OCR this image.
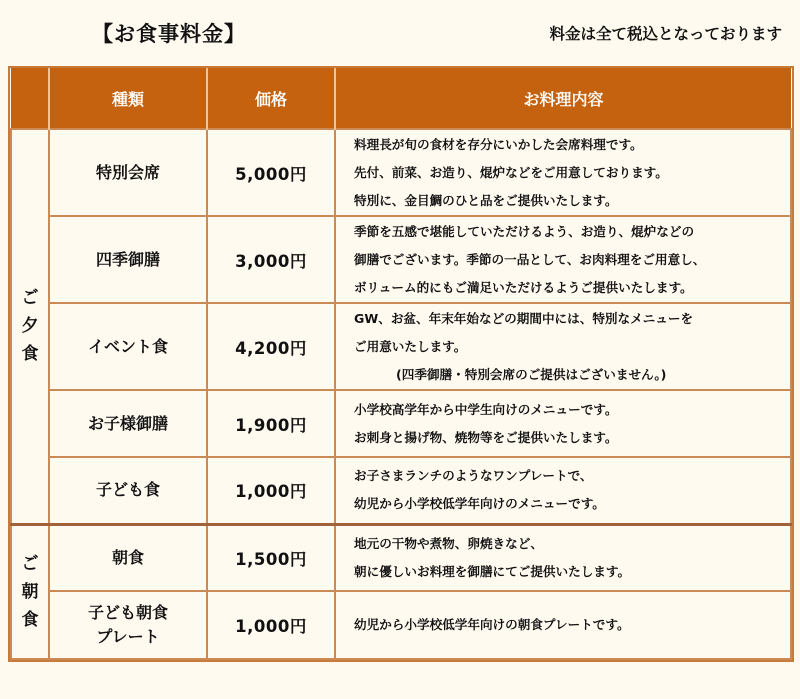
【お食事料金】	料金は全て税込となっております
	種類	価格	お料理内容

ご
夕
食	特別会席	5,000円	料理長が旬の食材を存分にいかした会席料理です。
先付、前菜、お造り、焜炉などをご用意しております。
特別に、金目鯛のひと品をご提供いたします。

	四季御膳	3,000円	季節を五感で堪能していただけるよう、お造り、焜炉などの
御膳でございます。季節の一品として、お肉料理をご用意し、
ボリューム的にもご満足いただけるようご提供いたします。

	イベント食	4,200円	GW、お盆、年末年始などの期間中には、特別なメニューを
ご用意いたします。
(四季御膳・特別会席のご提供はございません。)

	お子様御膳	1,900円	小学校高学年から中学生向けのメニューです。
お刺身と揚げ物、焼物等をご提供いたします。

	子ども食	1,000円	お子さまランチのようなワンプレートで、
幼児から小学校低学年向けのメニューです。

ご
朝
食	朝食	1,500円	地元の干物や煮物、卵焼きなど、
朝に優しいお料理を御膳にてご提供いたします。

	子ども朝食
プレート	1,000円	幼児から小学校低学年向けの朝食プレートです。
